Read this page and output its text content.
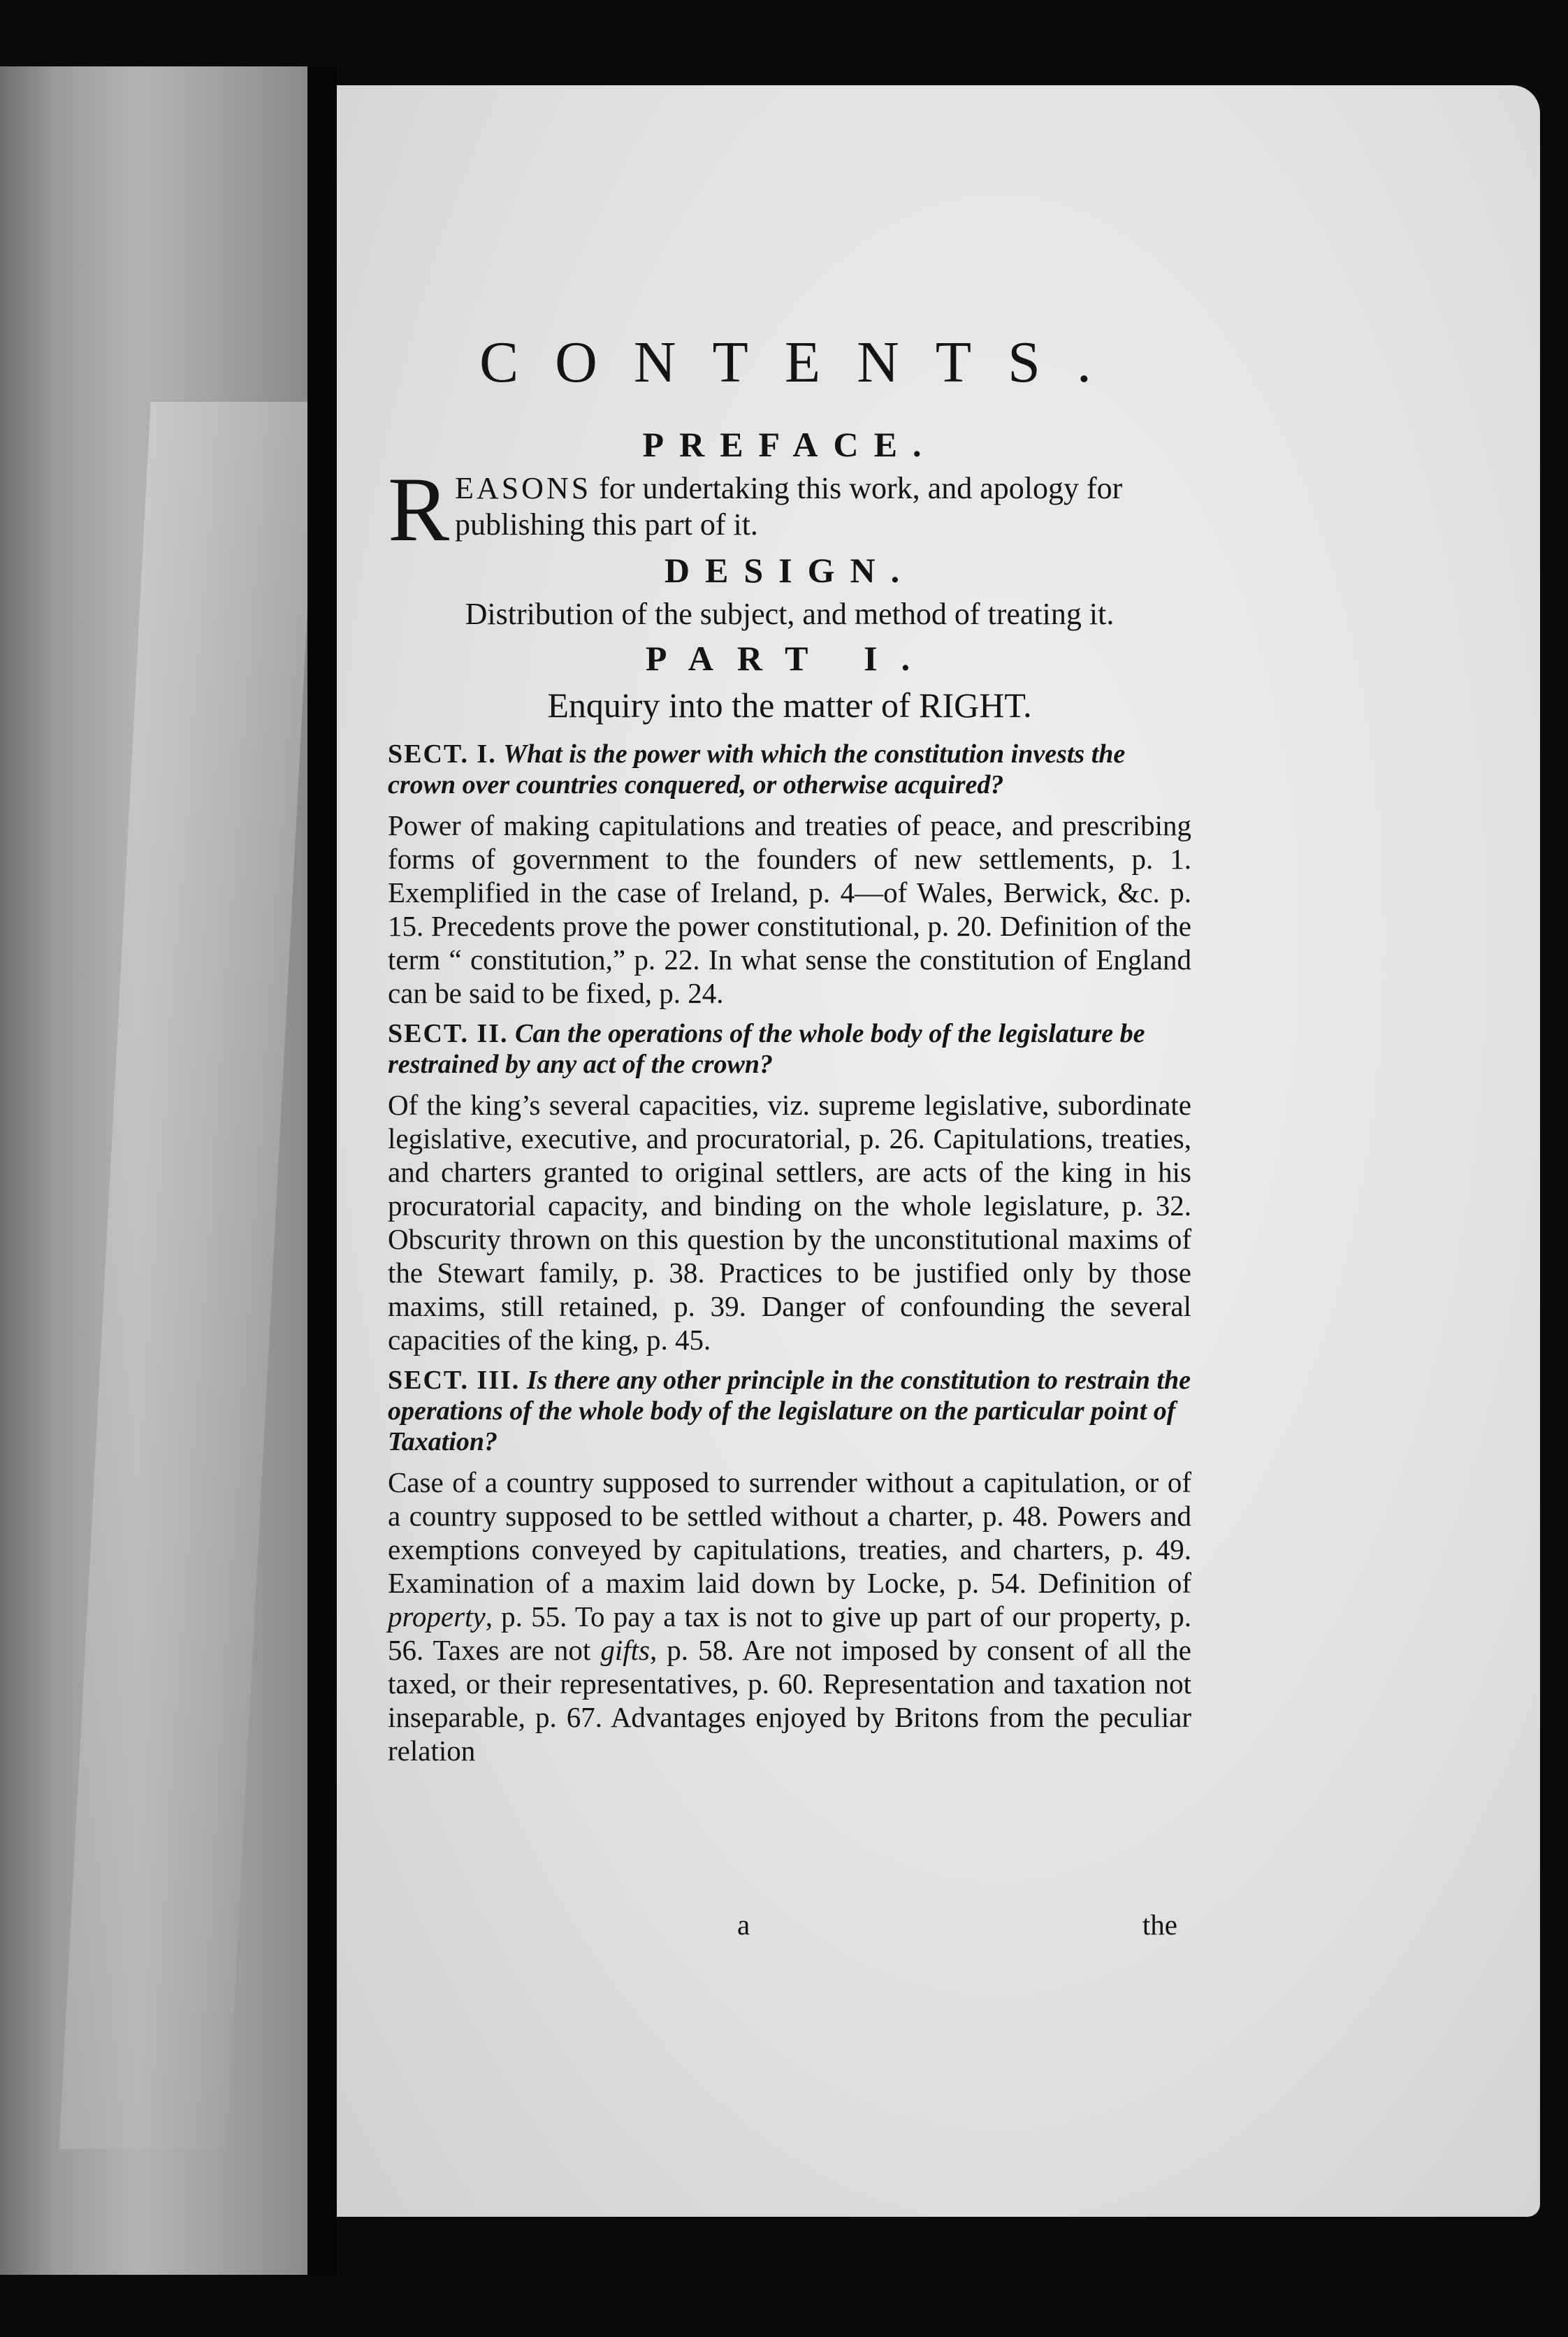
CONTENTS.
PREFACE.

REASONS for undertaking this work, and apology for publishing this part of it.

DESIGN.

Distribution of the subject, and method of treating it.

PART I.

Enquiry into the matter of RIGHT.

SECT. I. What is the power with which the constitution invests the crown over countries conquered, or otherwise acquired?

Power of making capitulations and treaties of peace, and prescribing forms of government to the founders of new settlements, p. 1. Exemplified in the case of Ireland, p. 4—of Wales, Berwick, &c. p. 15. Precedents prove the power constitutional, p. 20. Definition of the term “ constitution,” p. 22. In what sense the constitution of England can be said to be fixed, p. 24.

SECT. II. Can the operations of the whole body of the legislature be restrained by any act of the crown?

Of the king’s several capacities, viz. supreme legislative, subordinate legislative, executive, and procuratorial, p. 26. Capitulations, treaties, and charters granted to original settlers, are acts of the king in his procuratorial capacity, and binding on the whole legislature, p. 32. Obscurity thrown on this question by the unconstitutional maxims of the Stewart family, p. 38. Practices to be justified only by those maxims, still retained, p. 39. Danger of confounding the several capacities of the king, p. 45.

SECT. III. Is there any other principle in the constitution to restrain the operations of the whole body of the legislature on the particular point of Taxation?

Case of a country supposed to surrender without a capitulation, or of a country supposed to be settled without a charter, p. 48. Powers and exemptions conveyed by capitulations, treaties, and charters, p. 49. Examination of a maxim laid down by Locke, p. 54. Definition of property, p. 55. To pay a tax is not to give up part of our property, p. 56. Taxes are not gifts, p. 58. Are not imposed by consent of all the taxed, or their representatives, p. 60. Representation and taxation not inseparable, p. 67. Advantages enjoyed by Britons from the peculiar relation

a	the
